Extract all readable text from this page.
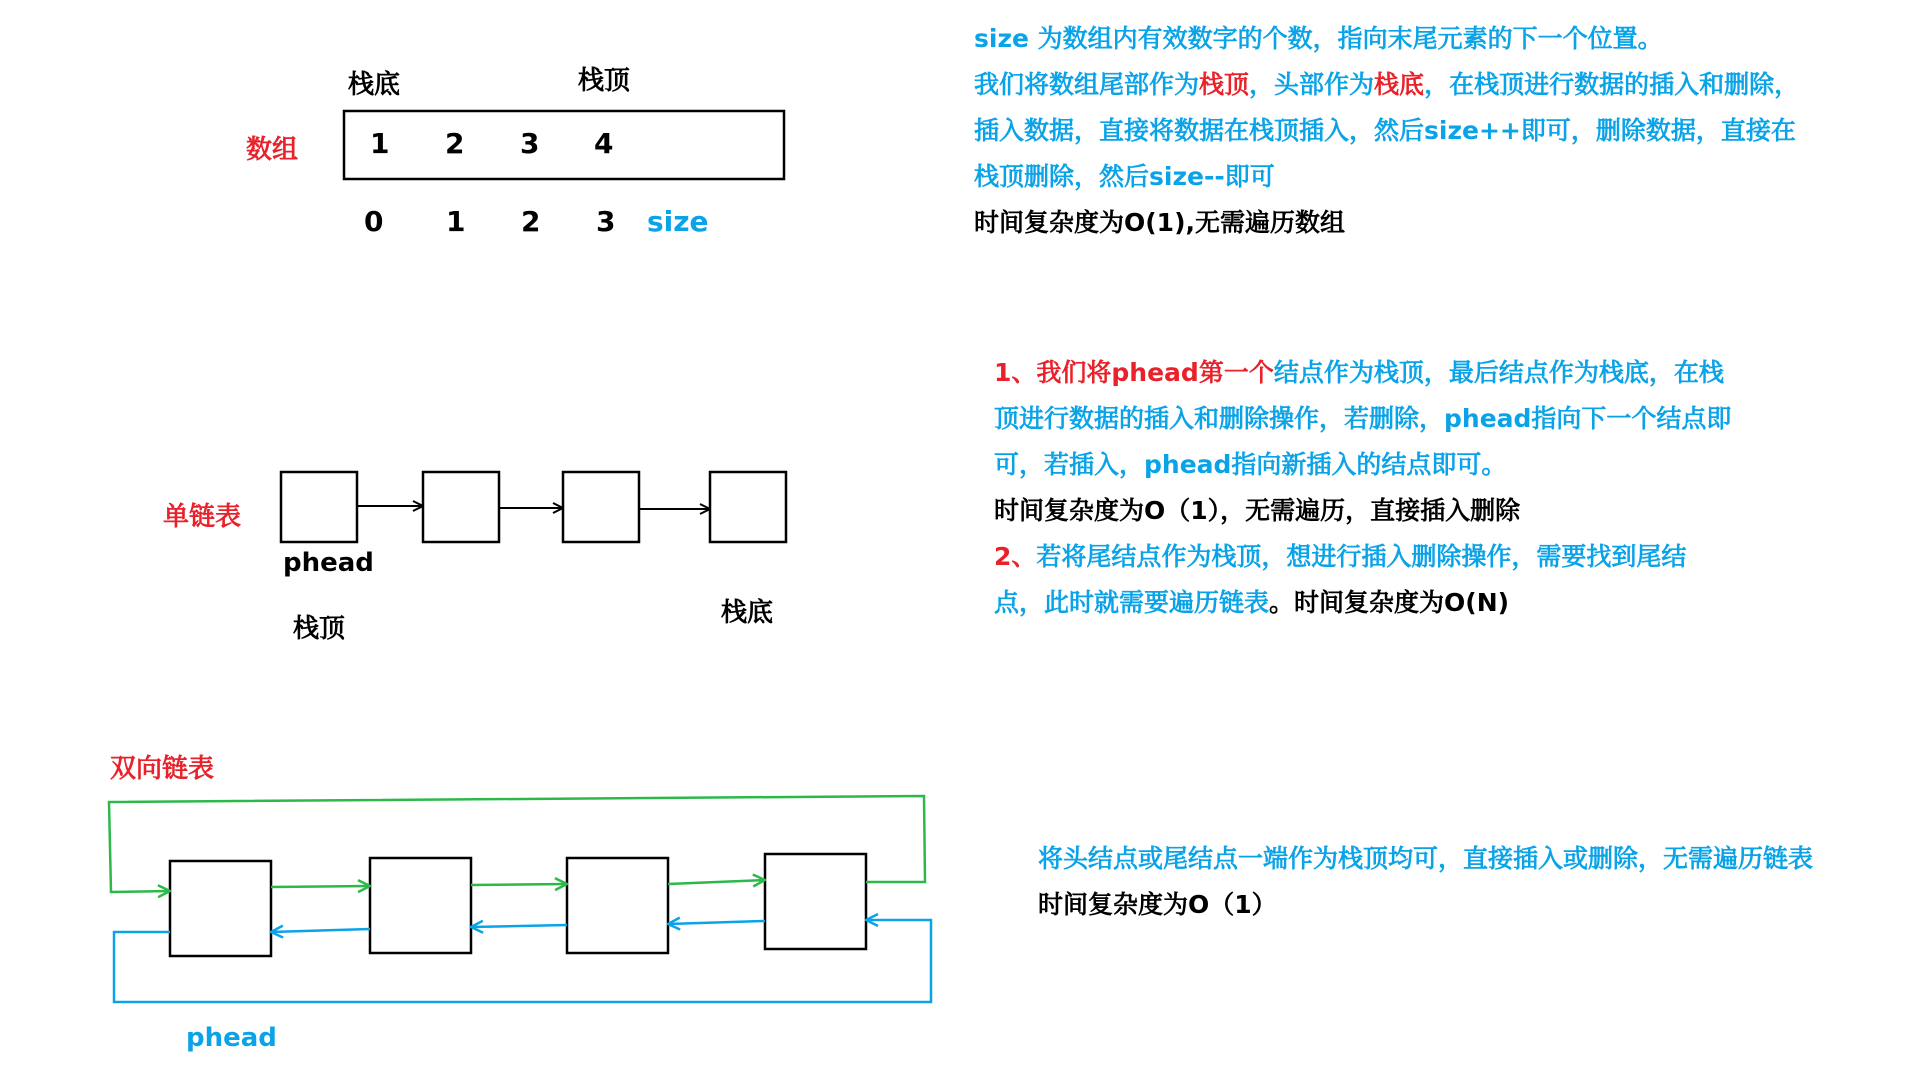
栈底	栈顶
数组	1 2 3 4
0 1 2 3 size
size 为数组内有效数字的个数，指向末尾元素的下一个位置。
我们将数组尾部作为栈顶，头部作为栈底，在栈顶进行数据的插入和删除，
插入数据，直接将数据在栈顶插入，然后size++即可，删除数据，直接在
栈顶删除，然后size--即可
时间复杂度为O(1),无需遍历数组
单链表
phead
栈顶
栈底
1、我们将phead第一个结点作为栈顶，最后结点作为栈底，在栈
顶进行数据的插入和删除操作，若删除，phead指向下一个结点即
可，若插入，phead指向新插入的结点即可。
时间复杂度为O（1），无需遍历，直接插入删除
2、若将尾结点作为栈顶，想进行插入删除操作，需要找到尾结
点，此时就需要遍历链表。时间复杂度为O(N)
双向链表
phead
将头结点或尾结点一端作为栈顶均可，直接插入或删除，无需遍历链表
时间复杂度为O（1）
